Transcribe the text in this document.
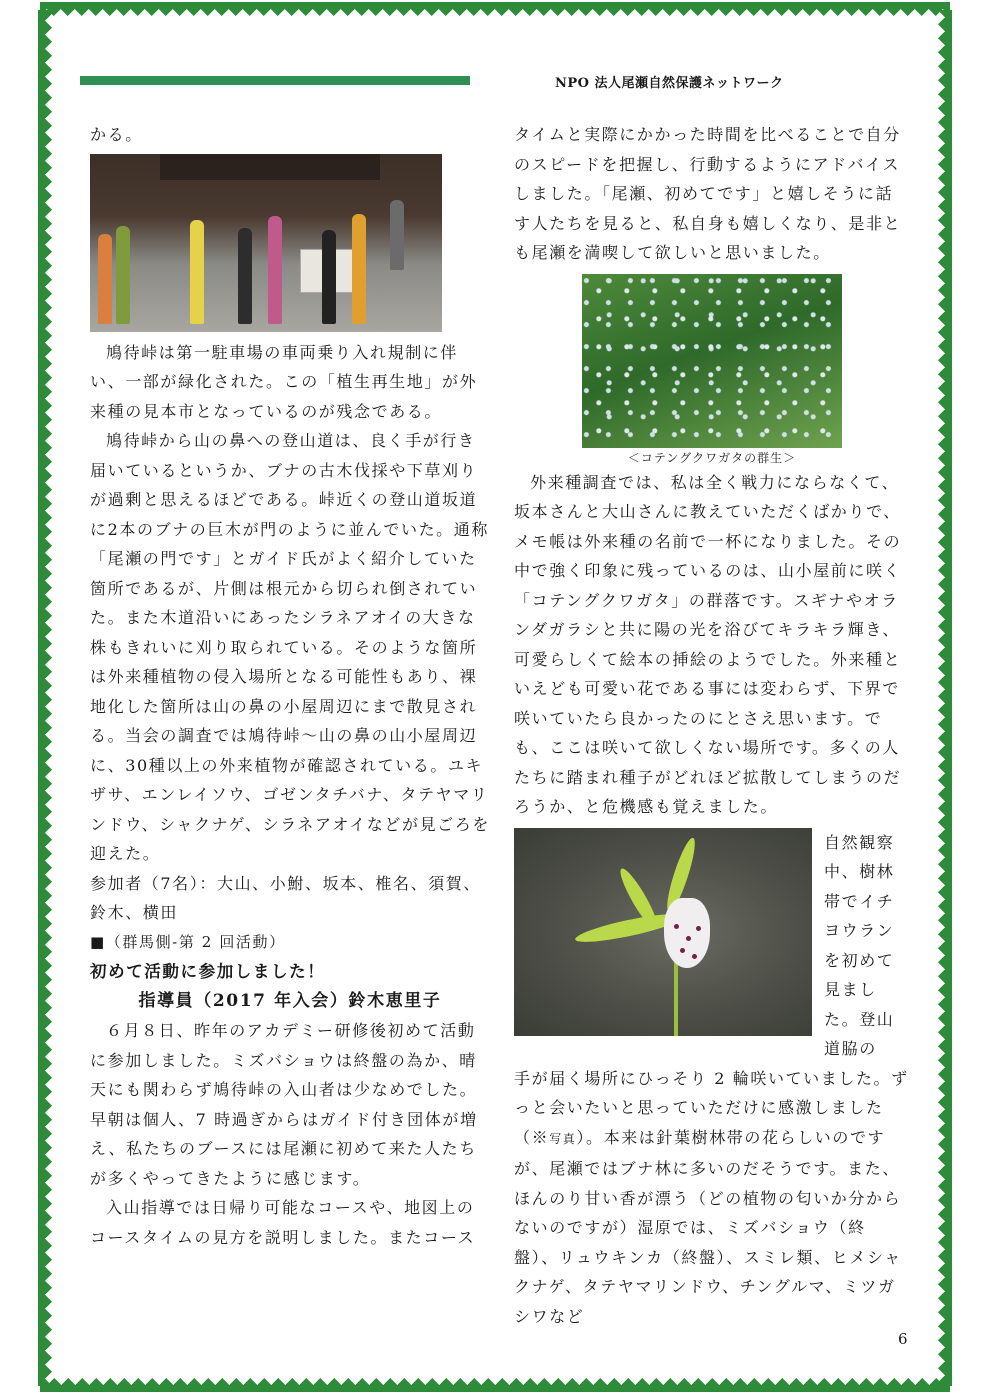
NPO 法人尾瀬自然保護ネットワーク

かる。

鳩待峠は第一駐車場の車両乗り入れ規制に伴い、一部が緑化された。この「植生再生地」が外来種の見本市となっているのが残念である。

鳩待峠から山の鼻への登山道は、良く手が行き届いているというか、ブナの古木伐採や下草刈りが過剰と思えるほどである。峠近くの登山道坂道に2本のブナの巨木が門のように並んでいた。通称「尾瀬の門です」とガイド氏がよく紹介していた箇所であるが、片側は根元から切られ倒されていた。また木道沿いにあったシラネアオイの大きな株もきれいに刈り取られている。そのような箇所は外来種植物の侵入場所となる可能性もあり、裸地化した箇所は山の鼻の小屋周辺にまで散見される。当会の調査では鳩待峠～山の鼻の山小屋周辺に、30種以上の外来植物が確認されている。ユキザサ、エンレイソウ、ゴゼンタチバナ、タテヤマリンドウ、シャクナゲ、シラネアオイなどが見ごろを迎えた。

参加者（7名）：大山、小鮒、坂本、椎名、須賀、鈴木、横田

■（群馬側-第 2 回活動）

初めて活動に参加しました！

指導員（2017 年入会）鈴木恵里子

６月８日、昨年のアカデミー研修後初めて活動に参加しました。ミズバショウは終盤の為か、晴天にも関わらず鳩待峠の入山者は少なめでした。早朝は個人、7 時過ぎからはガイド付き団体が増え、私たちのブースには尾瀬に初めて来た人たちが多くやってきたように感じます。

入山指導では日帰り可能なコースや、地図上のコースタイムの見方を説明しました。またコース

タイムと実際にかかった時間を比べることで自分のスピードを把握し、行動するようにアドバイスしました。「尾瀬、初めてです」と嬉しそうに話す人たちを見ると、私自身も嬉しくなり、是非とも尾瀬を満喫して欲しいと思いました。

＜コテングクワガタの群生＞

外来種調査では、私は全く戦力にならなくて、坂本さんと大山さんに教えていただくばかりで、メモ帳は外来種の名前で一杯になりました。その中で強く印象に残っているのは、山小屋前に咲く「コテングクワガタ」の群落です。スギナやオランダガラシと共に陽の光を浴びてキラキラ輝き、可愛らしくて絵本の挿絵のようでした。外来種といえども可愛い花である事には変わらず、下界で咲いていたら良かったのにとさえ思います。でも、ここは咲いて欲しくない場所です。多くの人たちに踏まれ種子がどれほど拡散してしまうのだろうか、と危機感も覚えました。

自然観察中、樹林帯でイチヨウランを初めて見ました。登山道脇の

手が届く場所にひっそり 2 輪咲いていました。ずっと会いたいと思っていただけに感激しました（※写真）。本来は針葉樹林帯の花らしいのですが、尾瀬ではブナ林に多いのだそうです。また、ほんのり甘い香が漂う（どの植物の匂いか分からないのですが）湿原では、ミズバショウ（終盤）、リュウキンカ（終盤）、スミレ類、ヒメシャクナゲ、タテヤマリンドウ、チングルマ、ミツガシワなど

6
